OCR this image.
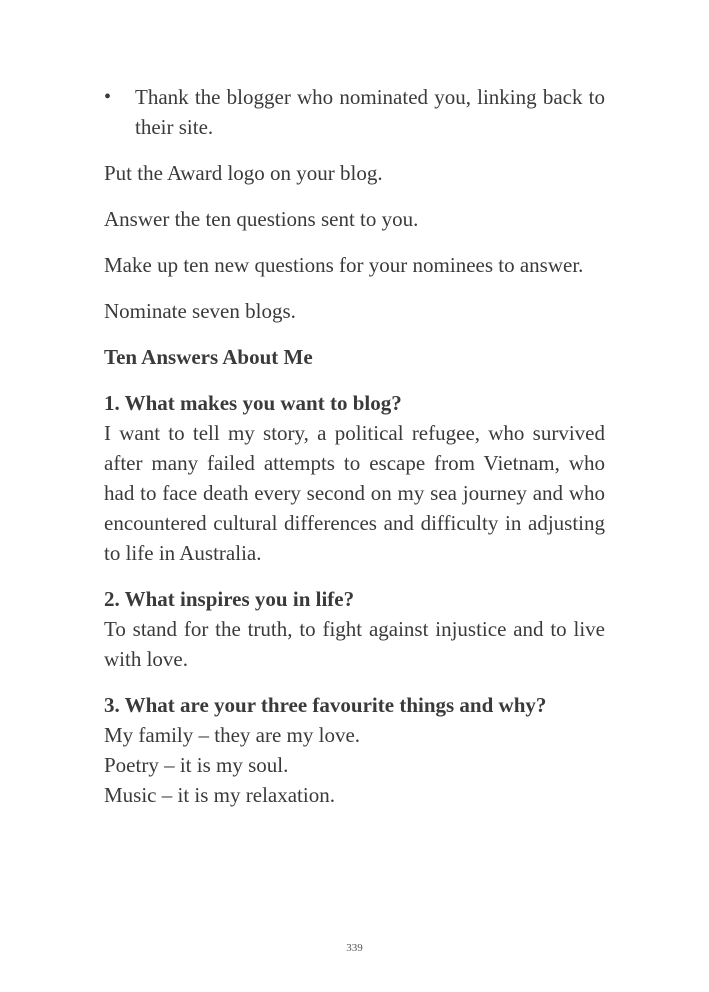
• Thank the blogger who nominated you, linking back to their site.

Put the Award logo on your blog.

Answer the ten questions sent to you.

Make up ten new questions for your nominees to answer.

Nominate seven blogs.

Ten Answers About Me
1. What makes you want to blog?
I want to tell my story, a political refugee, who survived after many failed attempts to escape from Vietnam, who had to face death every second on my sea journey and who encountered cultural differences and difficulty in adjusting to life in Australia.
2. What inspires you in life?
To stand for the truth, to fight against injustice and to live with love.
3. What are your three favourite things and why?
My family – they are my love.
Poetry – it is my soul.
Music – it is my relaxation.
339
